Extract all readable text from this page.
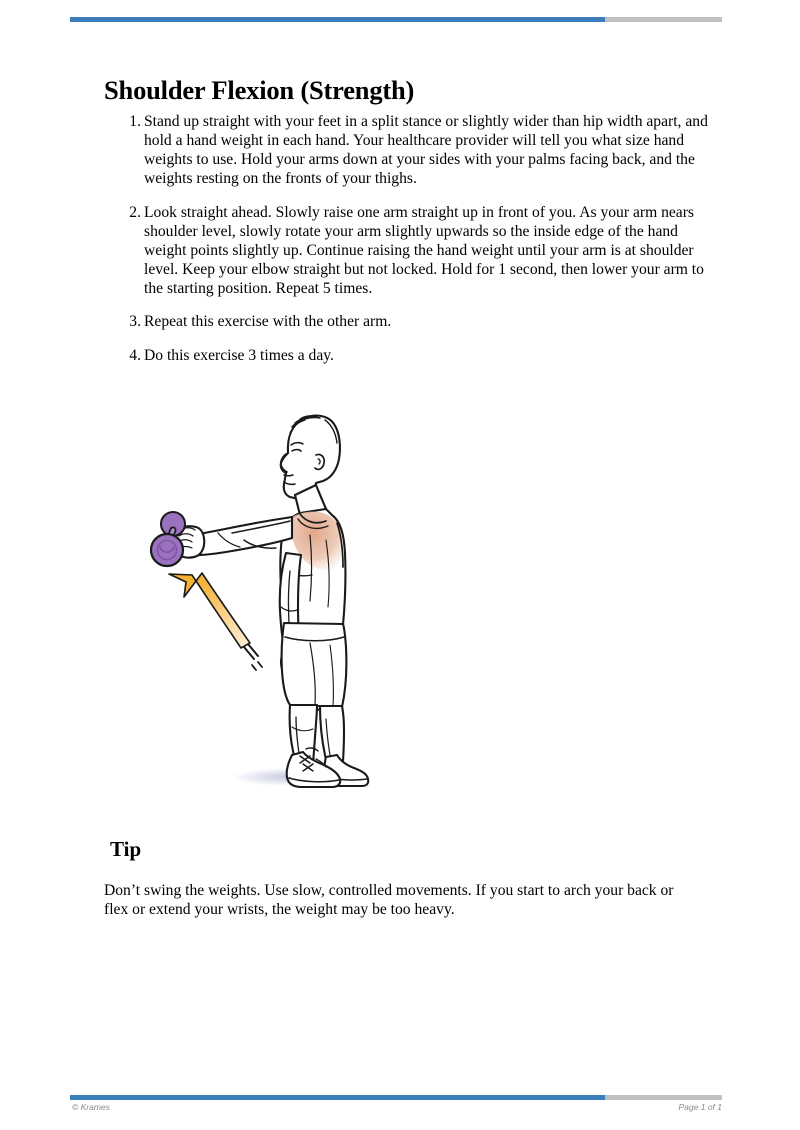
Shoulder Flexion (Strength)
1. Stand up straight with your feet in a split stance or slightly wider than hip width apart, and hold a hand weight in each hand. Your healthcare provider will tell you what size hand weights to use. Hold your arms down at your sides with your palms facing back, and the weights resting on the fronts of your thighs.
2. Look straight ahead. Slowly raise one arm straight up in front of you. As your arm nears shoulder level, slowly rotate your arm slightly upwards so the inside edge of the hand weight points slightly up. Continue raising the hand weight until your arm is at shoulder level. Keep your elbow straight but not locked. Hold for 1 second, then lower your arm to the starting position. Repeat 5 times.
3. Repeat this exercise with the other arm.
4. Do this exercise 3 times a day.
Tip

Don’t swing the weights. Use slow, controlled movements. If you start to arch your back or flex or extend your wrists, the weight may be too heavy.

© Krames	Page 1 of 1
